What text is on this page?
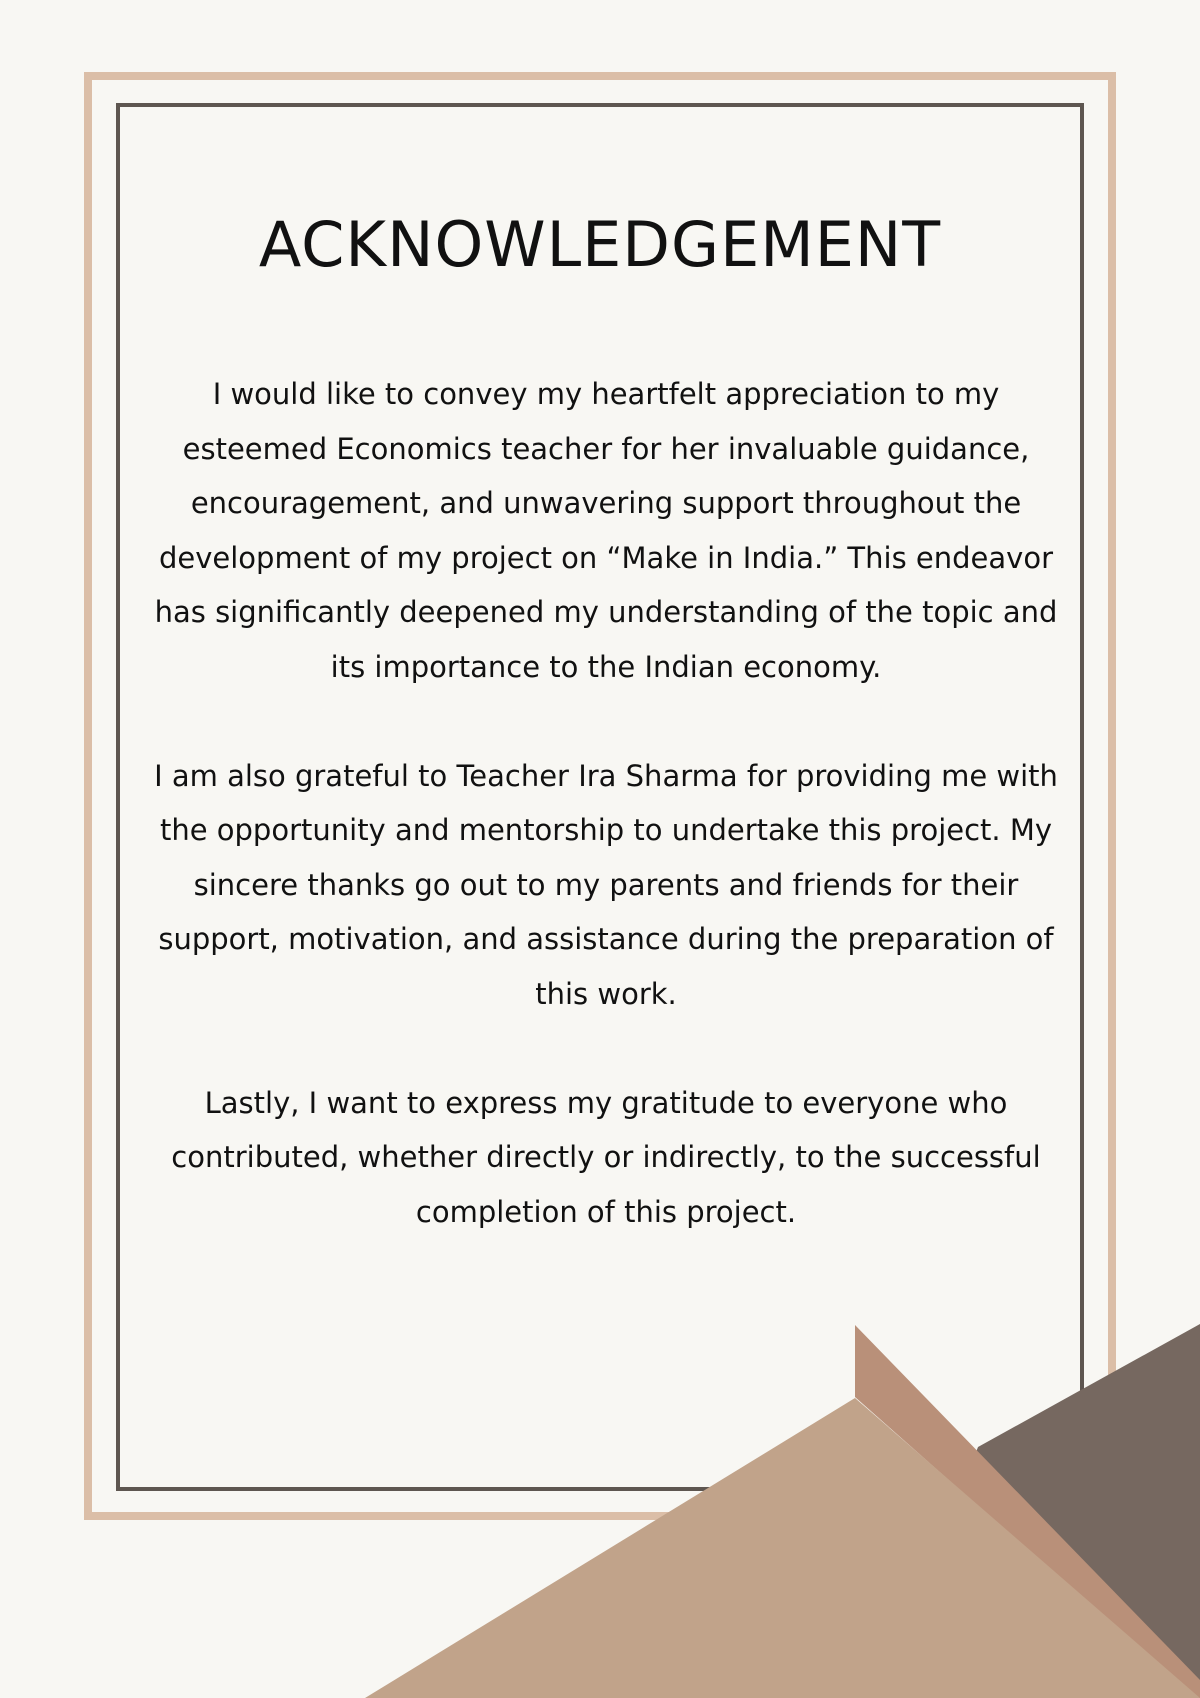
ACKNOWLEDGEMENT

I would like to convey my heartfelt appreciation to my esteemed Economics teacher for her invaluable guidance, encouragement, and unwavering support throughout the development of my project on “Make in India.” This endeavor has significantly deepened my understanding of the topic and its importance to the Indian economy.

I am also grateful to Teacher Ira Sharma for providing me with the opportunity and mentorship to undertake this project. My sincere thanks go out to my parents and friends for their support, motivation, and assistance during the preparation of this work.

Lastly, I want to express my gratitude to everyone who contributed, whether directly or indirectly, to the successful completion of this project.
